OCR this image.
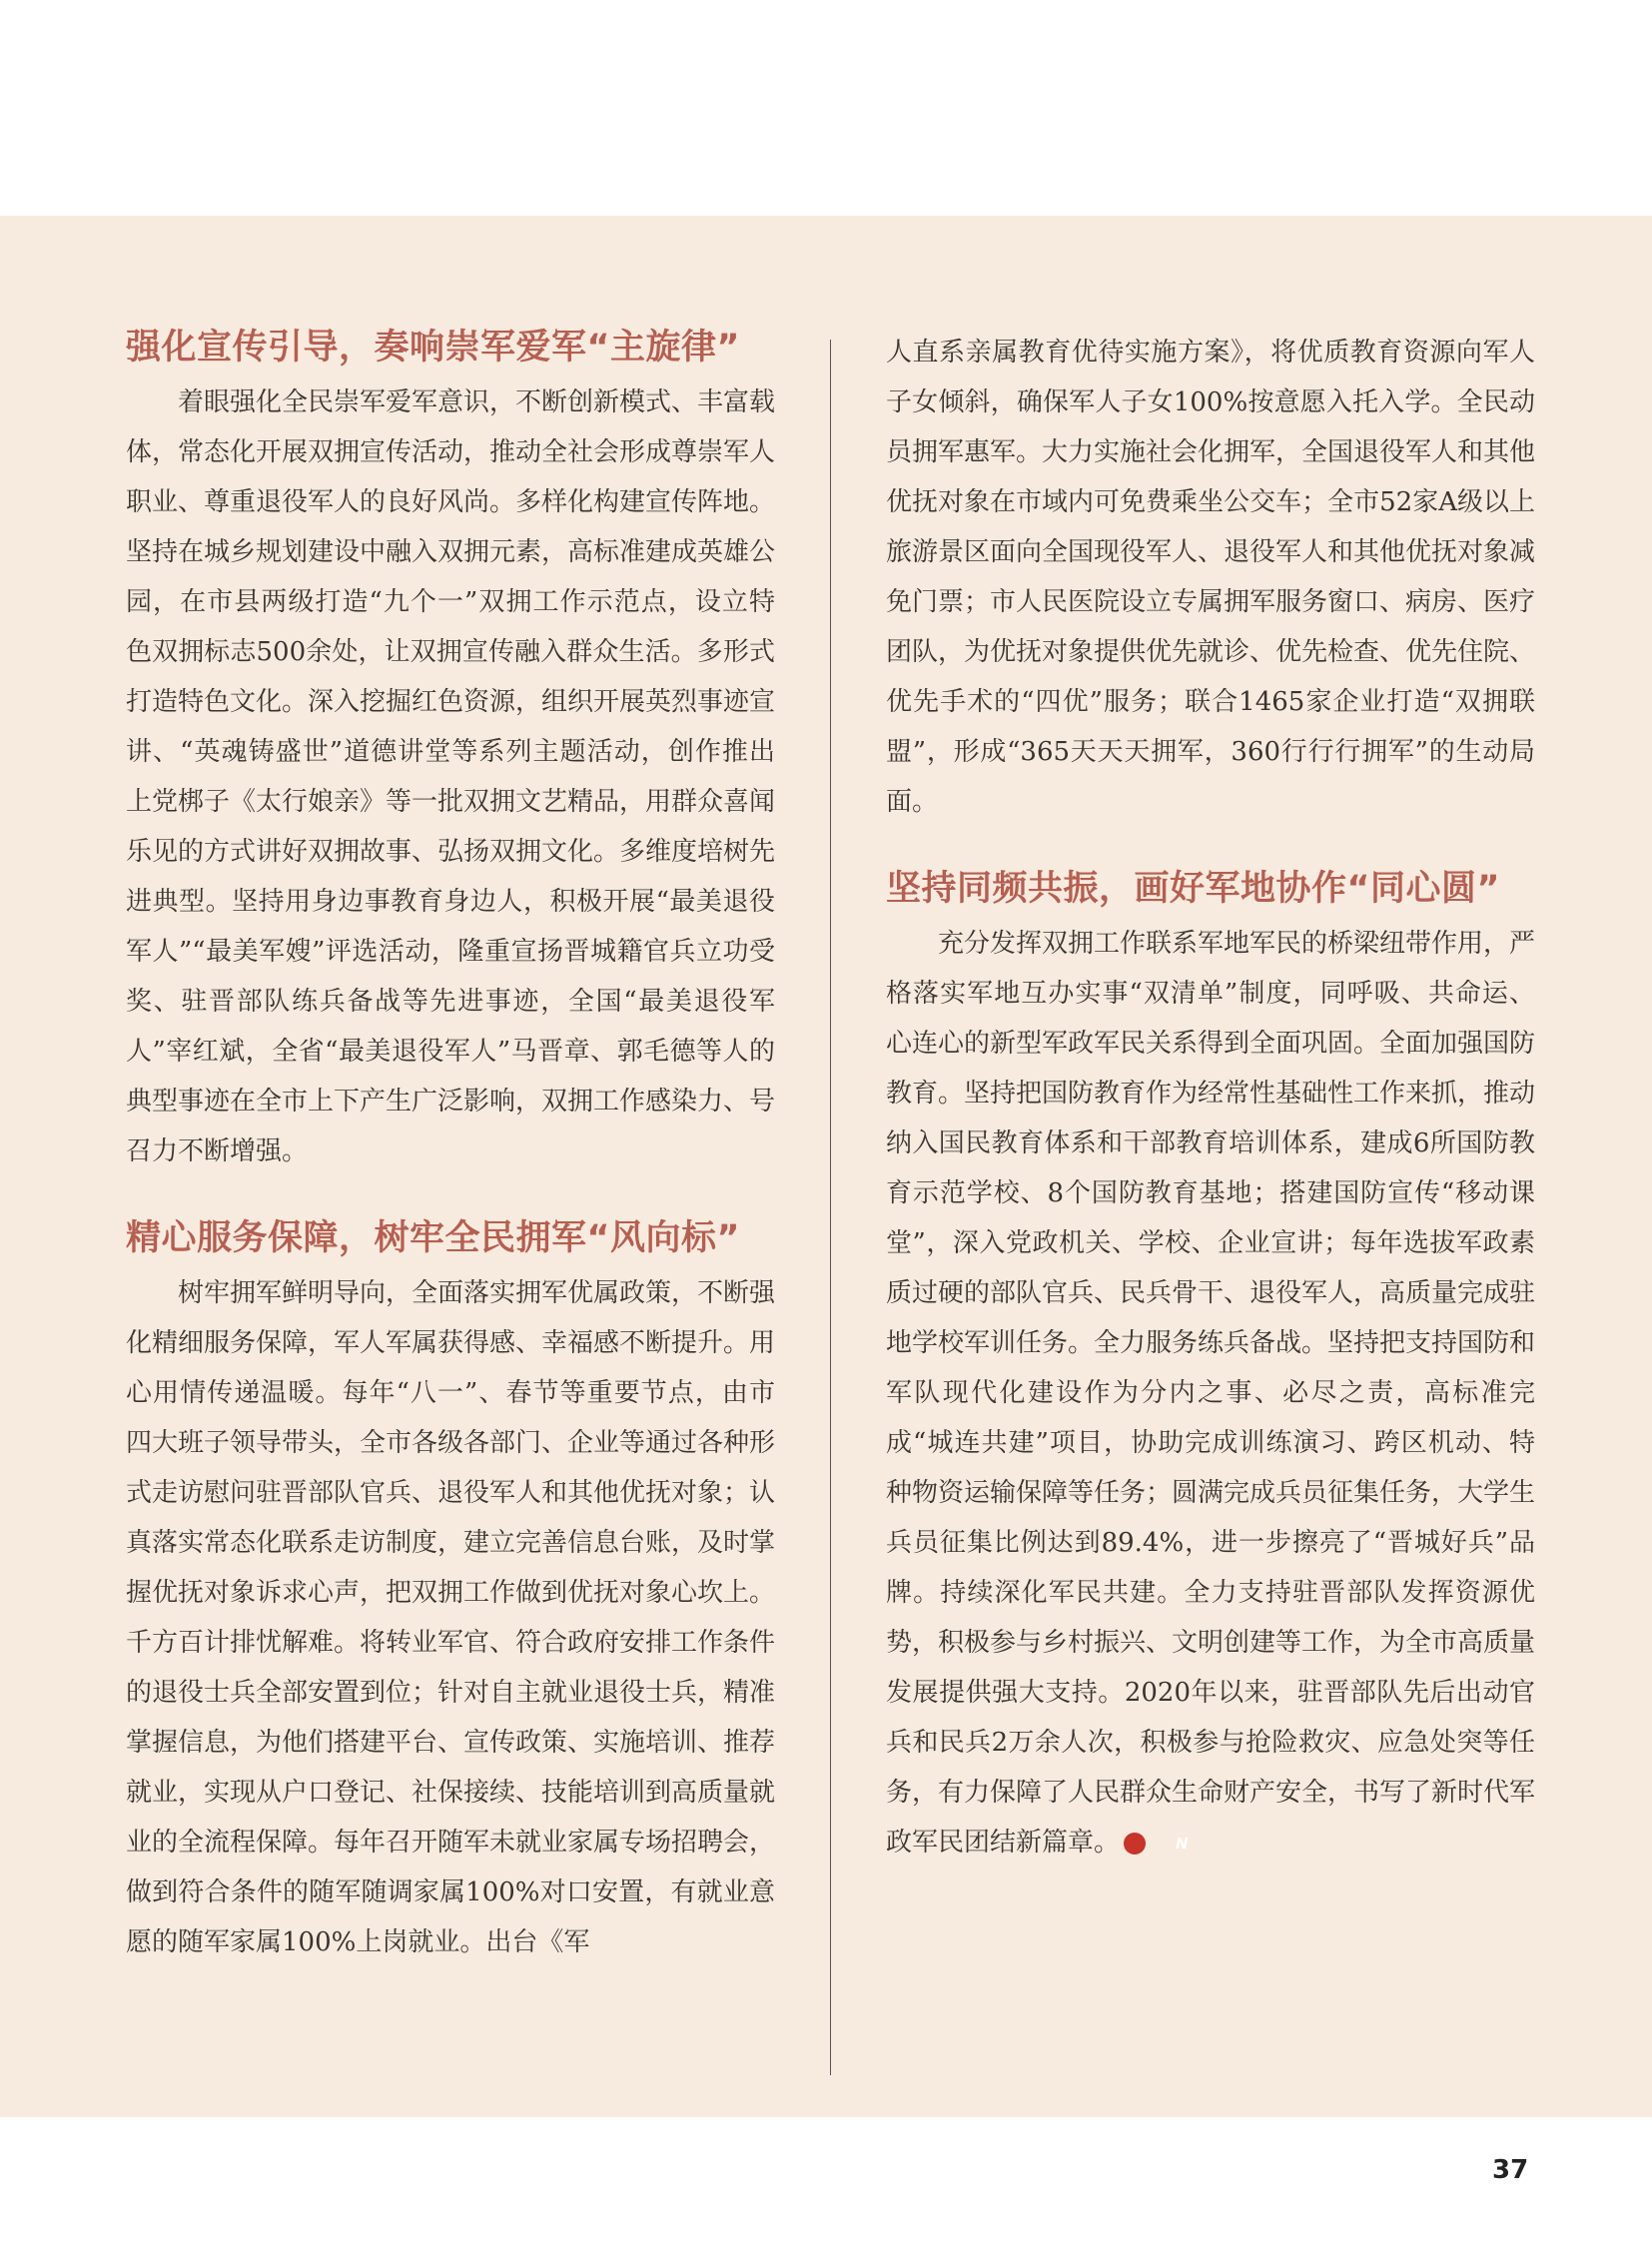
强化宣传引导，奏响崇军爱军“主旋律”

着眼强化全民崇军爱军意识，不断创新模式、丰富载体，常态化开展双拥宣传活动，推动全社会形成尊崇军人职业、尊重退役军人的良好风尚。多样化构建宣传阵地。坚持在城乡规划建设中融入双拥元素，高标准建成英雄公园，在市县两级打造“九个一”双拥工作示范点，设立特色双拥标志500余处，让双拥宣传融入群众生活。多形式打造特色文化。深入挖掘红色资源，组织开展英烈事迹宣讲、“英魂铸盛世”道德讲堂等系列主题活动，创作推出上党梆子《太行娘亲》等一批双拥文艺精品，用群众喜闻乐见的方式讲好双拥故事、弘扬双拥文化。多维度培树先进典型。坚持用身边事教育身边人，积极开展“最美退役军人”“最美军嫂”评选活动，隆重宣扬晋城籍官兵立功受奖、驻晋部队练兵备战等先进事迹，全国“最美退役军人”宰红斌，全省“最美退役军人”马晋章、郭毛德等人的典型事迹在全市上下产生广泛影响，双拥工作感染力、号召力不断增强。

精心服务保障，树牢全民拥军“风向标”

树牢拥军鲜明导向，全面落实拥军优属政策，不断强化精细服务保障，军人军属获得感、幸福感不断提升。用心用情传递温暖。每年“八一”、春节等重要节点，由市四大班子领导带头，全市各级各部门、企业等通过各种形式走访慰问驻晋部队官兵、退役军人和其他优抚对象；认真落实常态化联系走访制度，建立完善信息台账，及时掌握优抚对象诉求心声，把双拥工作做到优抚对象心坎上。千方百计排忧解难。将转业军官、符合政府安排工作条件的退役士兵全部安置到位；针对自主就业退役士兵，精准掌握信息，为他们搭建平台、宣传政策、实施培训、推荐就业，实现从户口登记、社保接续、技能培训到高质量就业的全流程保障。每年召开随军未就业家属专场招聘会，做到符合条件的随军随调家属100%对口安置，有就业意愿的随军家属100%上岗就业。出台《军

人直系亲属教育优待实施方案》，将优质教育资源向军人子女倾斜，确保军人子女100%按意愿入托入学。全民动员拥军惠军。大力实施社会化拥军，全国退役军人和其他优抚对象在市域内可免费乘坐公交车；全市52家A级以上旅游景区面向全国现役军人、退役军人和其他优抚对象减免门票；市人民医院设立专属拥军服务窗口、病房、医疗团队，为优抚对象提供优先就诊、优先检查、优先住院、优先手术的“四优”服务；联合1465家企业打造“双拥联盟”，形成“365天天天拥军，360行行行拥军”的生动局面。

坚持同频共振，画好军地协作“同心圆”

充分发挥双拥工作联系军地军民的桥梁纽带作用，严格落实军地互办实事“双清单”制度，同呼吸、共命运、心连心的新型军政军民关系得到全面巩固。全面加强国防教育。坚持把国防教育作为经常性基础性工作来抓，推动纳入国民教育体系和干部教育培训体系，建成6所国防教育示范学校、8个国防教育基地；搭建国防宣传“移动课堂”，深入党政机关、学校、企业宣讲；每年选拔军政素质过硬的部队官兵、民兵骨干、退役军人，高质量完成驻地学校军训任务。全力服务练兵备战。坚持把支持国防和军队现代化建设作为分内之事、必尽之责，高标准完成“城连共建”项目，协助完成训练演习、跨区机动、特种物资运输保障等任务；圆满完成兵员征集任务，大学生兵员征集比例达到89.4%，进一步擦亮了“晋城好兵”品牌。持续深化军民共建。全力支持驻晋部队发挥资源优势，积极参与乡村振兴、文明创建等工作，为全市高质量发展提供强大支持。2020年以来，驻晋部队先后出动官兵和民兵2万余人次，积极参与抢险救灾、应急处突等任务，有力保障了人民群众生命财产安全，书写了新时代军政军民团结新篇章。	N

37
